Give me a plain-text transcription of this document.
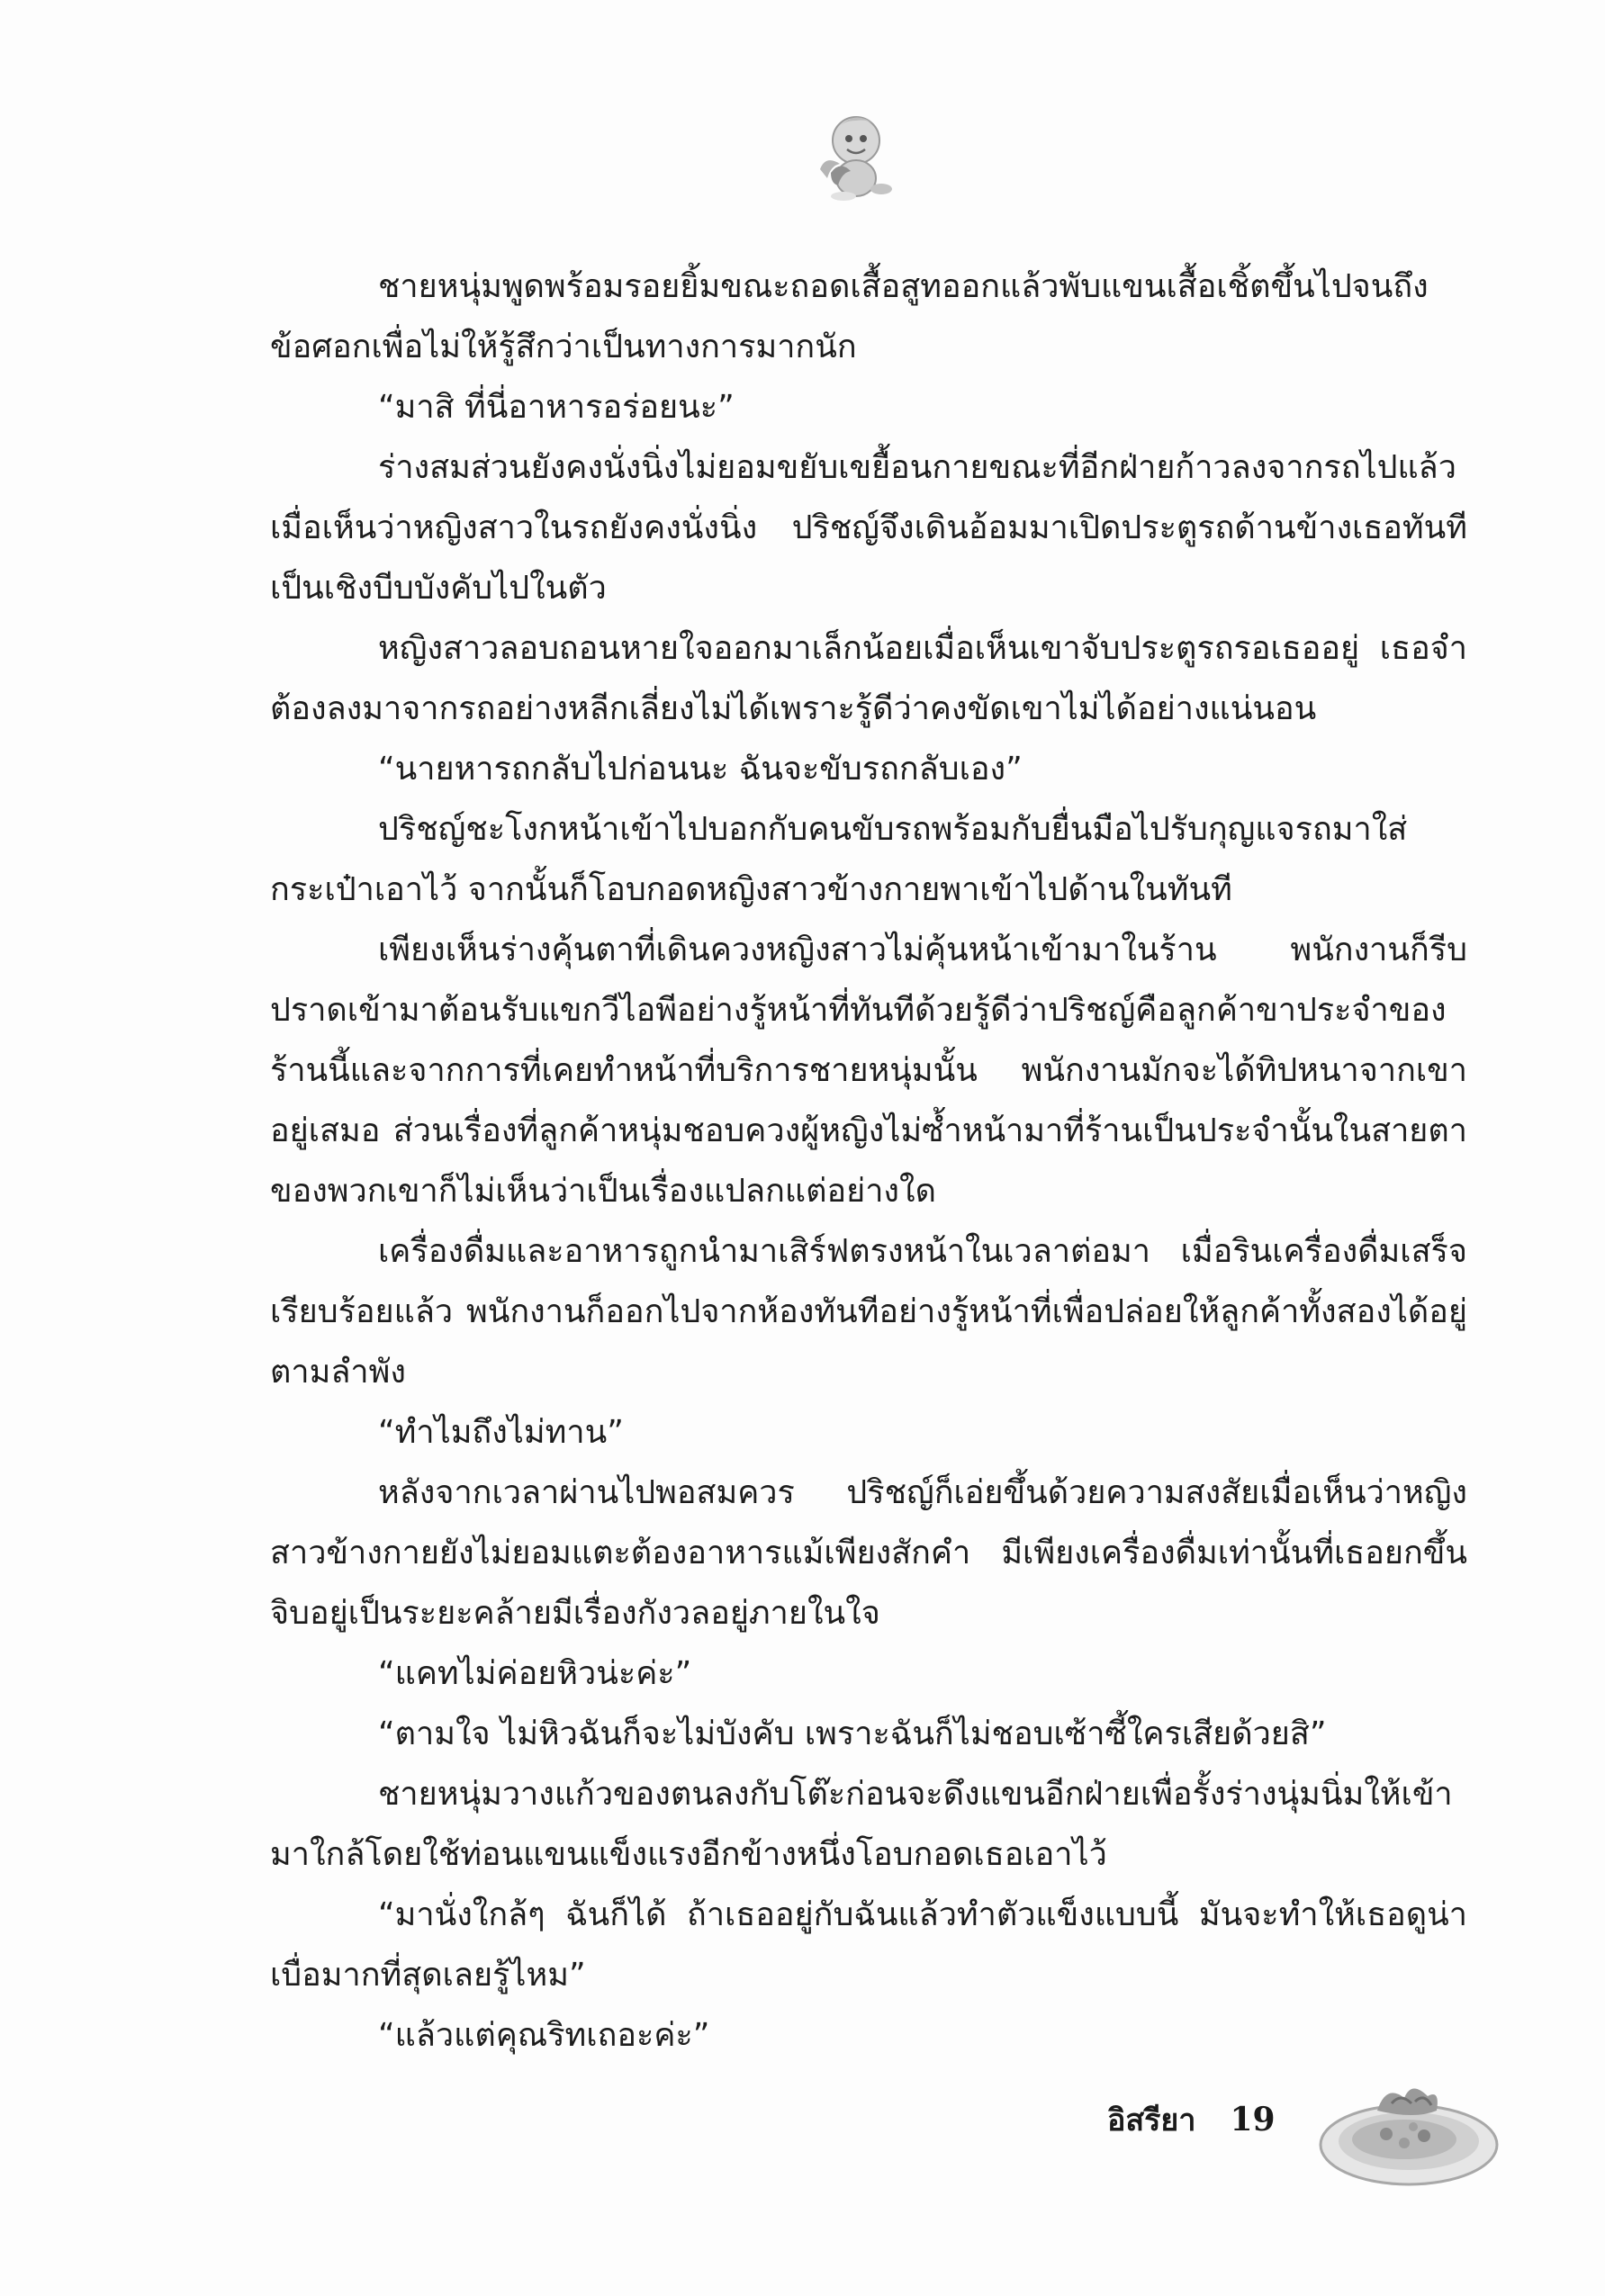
ชายหนุ่มพูดพร้อมรอยยิ้มขณะถอดเสื้อสูทออกแล้วพับแขนเสื้อเชิ้ตขึ้นไปจนถึงข้อศอกเพื่อไม่ให้รู้สึกว่าเป็นทางการมากนัก

“มาสิ ที่นี่อาหารอร่อยนะ”

ร่างสมส่วนยังคงนั่งนิ่งไม่ยอมขยับเขยื้อนกายขณะที่อีกฝ่ายก้าวลงจากรถไปแล้ว เมื่อเห็นว่าหญิงสาวในรถยังคงนั่งนิ่ง ปริชญ์จึงเดินอ้อมมาเปิดประตูรถด้านข้างเธอทันทีเป็นเชิงบีบบังคับไปในตัว

หญิงสาวลอบถอนหายใจออกมาเล็กน้อยเมื่อเห็นเขาจับประตูรถรอเธออยู่ เธอจำต้องลงมาจากรถอย่างหลีกเลี่ยงไม่ได้เพราะรู้ดีว่าคงขัดเขาไม่ได้อย่างแน่นอน

“นายหารถกลับไปก่อนนะ ฉันจะขับรถกลับเอง”

ปริชญ์ชะโงกหน้าเข้าไปบอกกับคนขับรถพร้อมกับยื่นมือไปรับกุญแจรถมาใส่กระเป๋าเอาไว้ จากนั้นก็โอบกอดหญิงสาวข้างกายพาเข้าไปด้านในทันที

เพียงเห็นร่างคุ้นตาที่เดินควงหญิงสาวไม่คุ้นหน้าเข้ามาในร้าน พนักงานก็รีบปราดเข้ามาต้อนรับแขกวีไอพีอย่างรู้หน้าที่ทันทีด้วยรู้ดีว่าปริชญ์คือลูกค้าขาประจำของร้านนี้และจากการที่เคยทำหน้าที่บริการชายหนุ่มนั้น พนักงานมักจะได้ทิปหนาจากเขาอยู่เสมอ ส่วนเรื่องที่ลูกค้าหนุ่มชอบควงผู้หญิงไม่ซ้ำหน้ามาที่ร้านเป็นประจำนั้นในสายตาของพวกเขาก็ไม่เห็นว่าเป็นเรื่องแปลกแต่อย่างใด

เครื่องดื่มและอาหารถูกนำมาเสิร์ฟตรงหน้าในเวลาต่อมา เมื่อรินเครื่องดื่มเสร็จเรียบร้อยแล้ว พนักงานก็ออกไปจากห้องทันทีอย่างรู้หน้าที่เพื่อปล่อยให้ลูกค้าทั้งสองได้อยู่ตามลำพัง

“ทำไมถึงไม่ทาน”

หลังจากเวลาผ่านไปพอสมควร ปริชญ์ก็เอ่ยขึ้นด้วยความสงสัยเมื่อเห็นว่าหญิงสาวข้างกายยังไม่ยอมแตะต้องอาหารแม้เพียงสักคำ มีเพียงเครื่องดื่มเท่านั้นที่เธอยกขึ้นจิบอยู่เป็นระยะคล้ายมีเรื่องกังวลอยู่ภายในใจ

“แคทไม่ค่อยหิวน่ะค่ะ”

“ตามใจ ไม่หิวฉันก็จะไม่บังคับ เพราะฉันก็ไม่ชอบเซ้าซี้ใครเสียด้วยสิ”

ชายหนุ่มวางแก้วของตนลงกับโต๊ะก่อนจะดึงแขนอีกฝ่ายเพื่อรั้งร่างนุ่มนิ่มให้เข้ามาใกล้โดยใช้ท่อนแขนแข็งแรงอีกข้างหนึ่งโอบกอดเธอเอาไว้

“มานั่งใกล้ๆ ฉันก็ได้ ถ้าเธออยู่กับฉันแล้วทำตัวแข็งแบบนี้ มันจะทำให้เธอดูน่าเบื่อมากที่สุดเลยรู้ไหม”

“แล้วแต่คุณริทเถอะค่ะ”

อิสรียา 19
